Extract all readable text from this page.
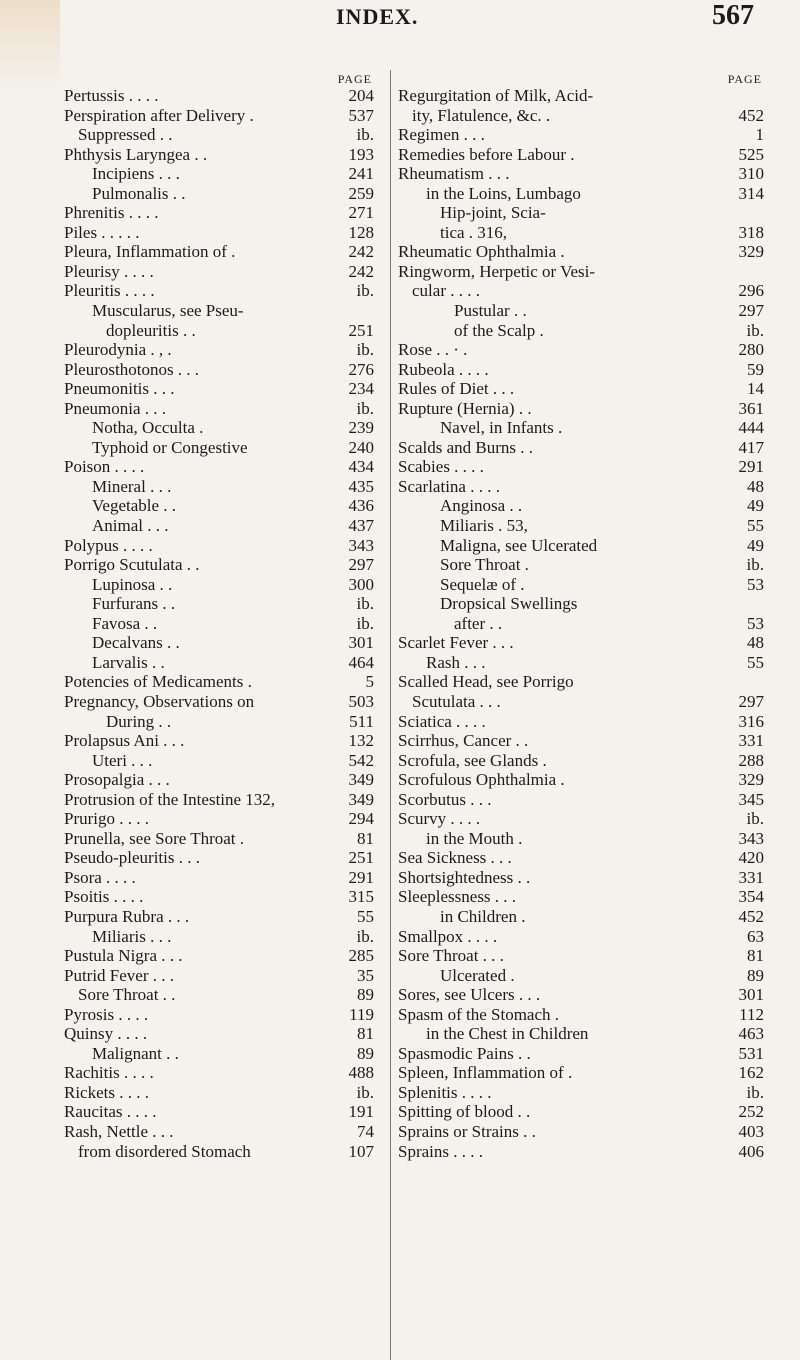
INDEX.	567
PAGE
Pertussis . . . .	204
Perspiration after Delivery .	537
Suppressed . .	ib.
Phthysis Laryngea . .	193
Incipiens . . .	241
Pulmonalis . .	259
Phrenitis . . . .	271
Piles . . . . .	128
Pleura, Inflammation of .	242
Pleurisy . . . .	242
Pleuritis . . . .	ib.
Muscularus, see Pseu-
dopleuritis . .	251
Pleurodynia . , .	ib.
Pleurosthotonos . . .	276
Pneumonitis . . .	234
Pneumonia . . .	ib.
Notha, Occulta .	239
Typhoid or Congestive	240
Poison . . . .	434
Mineral . . .	435
Vegetable . .	436
Animal . . .	437
Polypus . . . .	343
Porrigo Scutulata . .	297
Lupinosa . .	300
Furfurans . .	ib.
Favosa . .	ib.
Decalvans . .	301
Larvalis . .	464
Potencies of Medicaments .	5
Pregnancy, Observations on	503
During . .	511
Prolapsus Ani . . .	132
Uteri . . .	542
Prosopalgia . . .	349
Protrusion of the Intestine 132,	349
Prurigo . . . .	294
Prunella, see Sore Throat .	81
Pseudo-pleuritis . . .	251
Psora . . . .	291
Psoitis . . . .	315
Purpura Rubra . . .	55
Miliaris . . .	ib.
Pustula Nigra . . .	285
Putrid Fever . . .	35
Sore Throat . .	89
Pyrosis . . . .	119
Quinsy . . . .	81
Malignant . .	89
Rachitis . . . .	488
Rickets . . . .	ib.
Raucitas . . . .	191
Rash, Nettle . . .	74
from disordered Stomach	107
PAGE
Regurgitation of Milk, Acid-
ity, Flatulence, &c. .	452
Regimen . . .	1
Remedies before Labour .	525
Rheumatism . . .	310
in the Loins, Lumbago	314
Hip-joint, Scia-
tica . 316,	318
Rheumatic Ophthalmia .	329
Ringworm, Herpetic or Vesi-
cular . . . .	296
Pustular . .	297
of the Scalp .	ib.
Rose . . · .	280
Rubeola . . . .	59
Rules of Diet . . .	14
Rupture (Hernia) . .	361
Navel, in Infants .	444
Scalds and Burns . .	417
Scabies . . . .	291
Scarlatina . . . .	48
Anginosa . .	49
Miliaris . 53,	55
Maligna, see Ulcerated	49
Sore Throat .	ib.
Sequelæ of .	53
Dropsical Swellings
after . .	53
Scarlet Fever . . .	48
Rash . . .	55
Scalled Head, see Porrigo
Scutulata . . .	297
Sciatica . . . .	316
Scirrhus, Cancer . .	331
Scrofula, see Glands .	288
Scrofulous Ophthalmia .	329
Scorbutus . . .	345
Scurvy . . . .	ib.
in the Mouth .	343
Sea Sickness . . .	420
Shortsightedness . .	331
Sleeplessness . . .	354
in Children .	452
Smallpox . . . .	63
Sore Throat . . .	81
Ulcerated .	89
Sores, see Ulcers . . .	301
Spasm of the Stomach .	112
in the Chest in Children	463
Spasmodic Pains . .	531
Spleen, Inflammation of .	162
Splenitis . . . .	ib.
Spitting of blood . .	252
Sprains or Strains . .	403
Sprains . . . .	406
